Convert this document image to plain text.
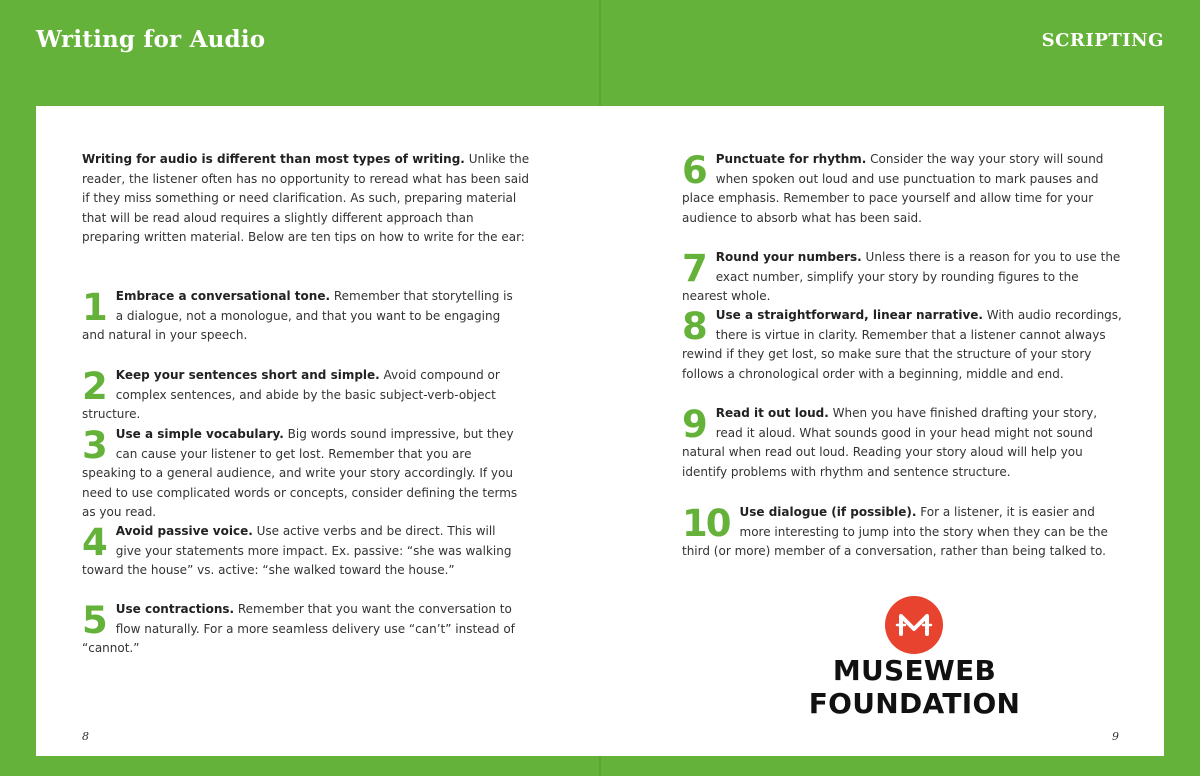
Writing for Audio	SCRIPTING
Writing for audio is different than most types of writing. Unlike the reader, the listener often has no opportunity to reread what has been said if they miss something or need clarification. As such, preparing material that will be read aloud requires a slightly different approach than preparing written material. Below are ten tips on how to write for the ear:
1 Embrace a conversational tone. Remember that storytelling is a dialogue, not a monologue, and that you want to be engaging and natural in your speech.
2 Keep your sentences short and simple. Avoid compound or complex sentences, and abide by the basic subject-verb-object structure.
3 Use a simple vocabulary. Big words sound impressive, but they can cause your listener to get lost. Remember that you are speaking to a general audience, and write your story accordingly. If you need to use complicated words or concepts, consider defining the terms as you read.
4 Avoid passive voice. Use active verbs and be direct. This will give your statements more impact. Ex. passive: “she was walking toward the house” vs. active: “she walked toward the house.”
5 Use contractions. Remember that you want the conversation to flow naturally. For a more seamless delivery use “can’t” instead of “cannot.”
6 Punctuate for rhythm. Consider the way your story will sound when spoken out loud and use punctuation to mark pauses and place emphasis. Remember to pace yourself and allow time for your audience to absorb what has been said.
7 Round your numbers. Unless there is a reason for you to use the exact number, simplify your story by rounding figures to the nearest whole.
8 Use a straightforward, linear narrative. With audio recordings, there is virtue in clarity. Remember that a listener cannot always rewind if they get lost, so make sure that the structure of your story follows a chronological order with a beginning, middle and end.
9 Read it out loud. When you have finished drafting your story, read it aloud. What sounds good in your head might not sound natural when read out loud. Reading your story aloud will help you identify problems with rhythm and sentence structure.
10 Use dialogue (if possible). For a listener, it is easier and more interesting to jump into the story when they can be the third (or more) member of a conversation, rather than being talked to.
MUSEWEB FOUNDATION
8	9
